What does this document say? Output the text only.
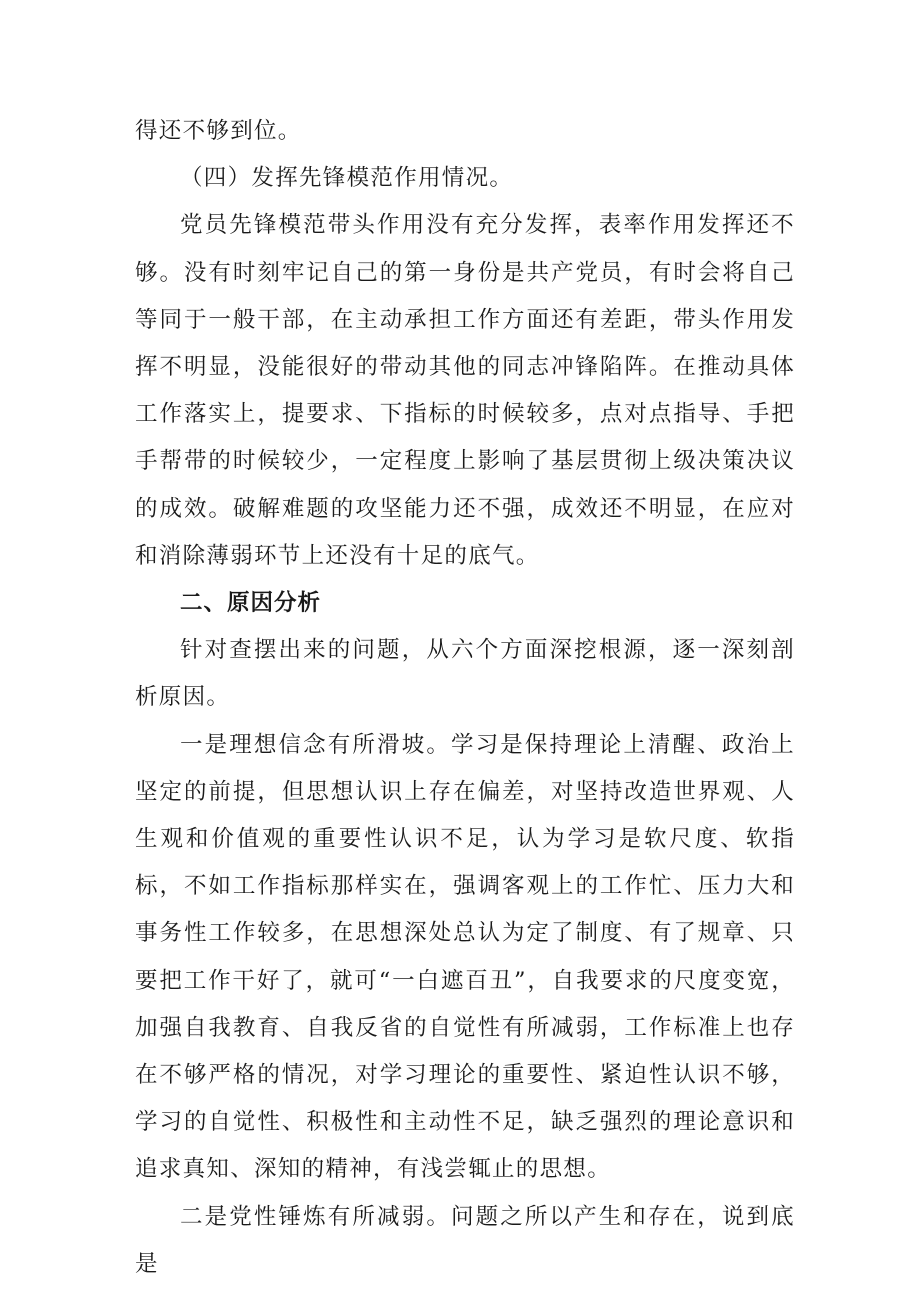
得还不够到位。

（四）发挥先锋模范作用情况。

党员先锋模范带头作用没有充分发挥，表率作用发挥还不够。没有时刻牢记自己的第一身份是共产党员，有时会将自己等同于一般干部，在主动承担工作方面还有差距，带头作用发挥不明显，没能很好的带动其他的同志冲锋陷阵。在推动具体工作落实上，提要求、下指标的时候较多，点对点指导、手把手帮带的时候较少，一定程度上影响了基层贯彻上级决策决议的成效。破解难题的攻坚能力还不强，成效还不明显，在应对和消除薄弱环节上还没有十足的底气。

二、原因分析

针对查摆出来的问题，从六个方面深挖根源，逐一深刻剖析原因。

一是理想信念有所滑坡。学习是保持理论上清醒、政治上坚定的前提，但思想认识上存在偏差，对坚持改造世界观、人生观和价值观的重要性认识不足，认为学习是软尺度、软指标，不如工作指标那样实在，强调客观上的工作忙、压力大和事务性工作较多，在思想深处总认为定了制度、有了规章、只要把工作干好了，就可“一白遮百丑”，自我要求的尺度变宽，加强自我教育、自我反省的自觉性有所减弱，工作标准上也存在不够严格的情况，对学习理论的重要性、紧迫性认识不够，学习的自觉性、积极性和主动性不足，缺乏强烈的理论意识和追求真知、深知的精神，有浅尝辄止的思想。

二是党性锤炼有所减弱。问题之所以产生和存在，说到底是
